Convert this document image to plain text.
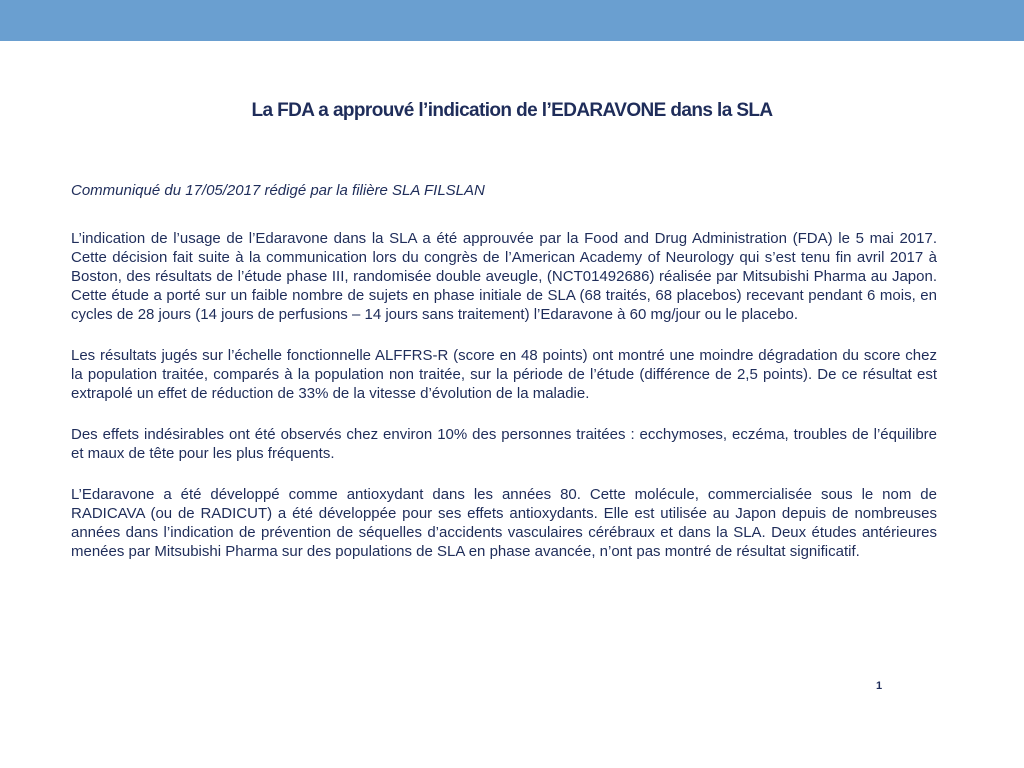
La FDA a approuvé l’indication de l’EDARAVONE dans la SLA
Communiqué du 17/05/2017 rédigé par la filière SLA FILSLAN

L’indication de l’usage de l’Edaravone dans la SLA a été approuvée par la Food and Drug Administration (FDA) le 5 mai 2017. Cette décision fait suite à la communication lors du congrès de l’American Academy of Neurology qui s’est tenu fin avril 2017 à Boston, des résultats de l’étude phase III, randomisée double aveugle, (NCT01492686) réalisée par Mitsubishi Pharma au Japon. Cette étude a porté sur un faible nombre de sujets en phase initiale de SLA (68 traités, 68 placebos) recevant pendant 6 mois, en cycles de 28 jours (14 jours de perfusions – 14 jours sans traitement) l’Edaravone à 60 mg/jour ou le placebo.

Les résultats jugés sur l’échelle fonctionnelle ALFFRS-R (score en 48 points) ont montré une moindre dégradation du score chez la population traitée, comparés à la population non traitée, sur la période de l’étude (différence de 2,5 points). De ce résultat est extrapolé un effet de réduction de 33% de la vitesse d’évolution de la maladie.

Des effets indésirables ont été observés chez environ 10% des personnes traitées : ecchymoses, eczéma, troubles de l’équilibre et maux de tête pour les plus fréquents.

L’Edaravone a été développé comme antioxydant dans les années 80. Cette molécule, commercialisée sous le nom de RADICAVA (ou de RADICUT) a été développée pour ses effets antioxydants. Elle est utilisée au Japon depuis de nombreuses années dans l’indication de prévention de séquelles d’accidents vasculaires cérébraux et dans la SLA. Deux études antérieures menées par Mitsubishi Pharma sur des populations de SLA en phase avancée, n’ont pas montré de résultat significatif.

1
